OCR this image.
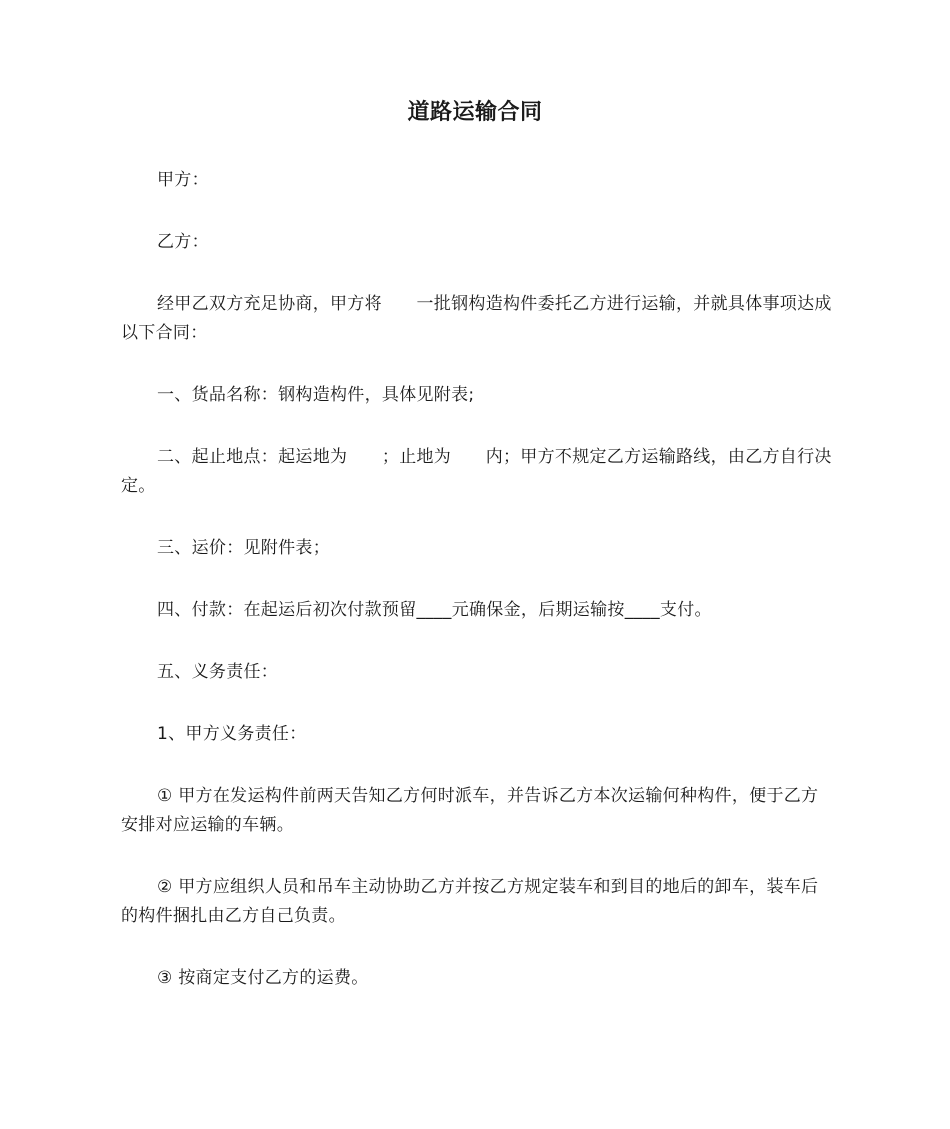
道路运输合同

甲方：

乙方：

经甲乙双方充足协商，甲方将　　一批钢构造构件委托乙方进行运输，并就具体事项达成以下合同：

一、货品名称：钢构造构件，具体见附表;

二、起止地点：起运地为　　；止地为　　内；甲方不规定乙方运输路线，由乙方自行决定。

三、运价：见附件表；

四、付款：在起运后初次付款预留____元确保金，后期运输按____支付。

五、义务责任：

1、甲方义务责任：

① 甲方在发运构件前两天告知乙方何时派车，并告诉乙方本次运输何种构件，便于乙方安排对应运输的车辆。

② 甲方应组织人员和吊车主动协助乙方并按乙方规定装车和到目的地后的卸车，装车后的构件捆扎由乙方自己负责。

③ 按商定支付乙方的运费。
